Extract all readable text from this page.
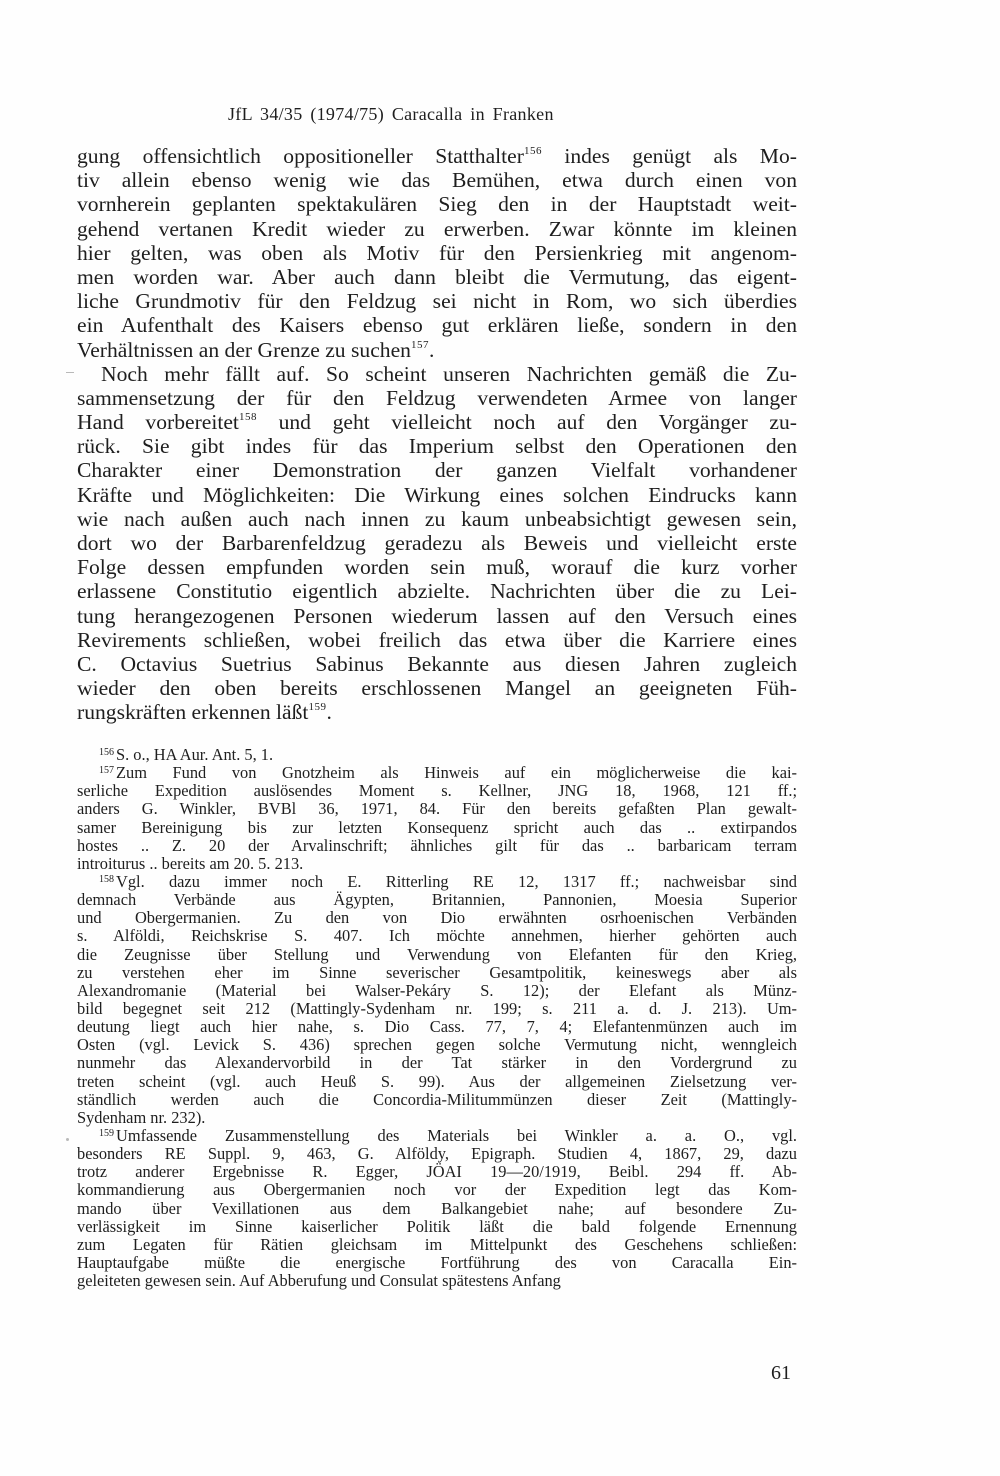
JfL 34/35 (1974/75) Caracalla in Franken
gung offensichtlich oppositioneller Statthalter$^{156}$ indes genügt als Mo-
tiv allein ebenso wenig wie das Bemühen, etwa durch einen von
vornherein geplanten spektakulären Sieg den in der Hauptstadt weit-
gehend vertanen Kredit wieder zu erwerben. Zwar könnte im kleinen
hier gelten, was oben als Motiv für den Persienkrieg mit angenom-
men worden war. Aber auch dann bleibt die Vermutung, das eigent-
liche Grundmotiv für den Feldzug sei nicht in Rom, wo sich überdies
ein Aufenthalt des Kaisers ebenso gut erklären ließe, sondern in den
Verhältnissen an der Grenze zu suchen$^{157}$.
Noch mehr fällt auf. So scheint unseren Nachrichten gemäß die Zu-
sammensetzung der für den Feldzug verwendeten Armee von langer
Hand vorbereitet$^{158}$ und geht vielleicht noch auf den Vorgänger zu-
rück. Sie gibt indes für das Imperium selbst den Operationen den
Charakter einer Demonstration der ganzen Vielfalt vorhandener
Kräfte und Möglichkeiten: Die Wirkung eines solchen Eindrucks kann
wie nach außen auch nach innen zu kaum unbeabsichtigt gewesen sein,
dort wo der Barbarenfeldzug geradezu als Beweis und vielleicht erste
Folge dessen empfunden worden sein muß, worauf die kurz vorher
erlassene Constitutio eigentlich abzielte. Nachrichten über die zu Lei-
tung herangezogenen Personen wiederum lassen auf den Versuch eines
Revirements schließen, wobei freilich das etwa über die Karriere eines
C. Octavius Suetrius Sabinus Bekannte aus diesen Jahren zugleich
wieder den oben bereits erschlossenen Mangel an geeigneten Füh-
rungskräften erkennen läßt$^{159}$.
$^{156}$ S. o., HA Aur. Ant. 5, 1.
$^{157}$ Zum Fund von Gnotzheim als Hinweis auf ein möglicherweise die kai-
serliche Expedition auslösendes Moment s. Kellner, JNG 18, 1968, 121 ff.;
anders G. Winkler, BVBl 36, 1971, 84. Für den bereits gefaßten Plan gewalt-
samer Bereinigung bis zur letzten Konsequenz spricht auch das .. extirpandos
hostes .. Z. 20 der Arvalinschrift; ähnliches gilt für das .. barbaricam terram
introiturus .. bereits am 20. 5. 213.
$^{158}$ Vgl. dazu immer noch E. Ritterling RE 12, 1317 ff.; nachweisbar sind
demnach Verbände aus Ägypten, Britannien, Pannonien, Moesia Superior
und Obergermanien. Zu den von Dio erwähnten osrhoenischen Verbänden
s. Alföldi, Reichskrise S. 407. Ich möchte annehmen, hierher gehörten auch
die Zeugnisse über Stellung und Verwendung von Elefanten für den Krieg,
zu verstehen eher im Sinne severischer Gesamtpolitik, keineswegs aber als
Alexandromanie (Material bei Walser-Pekáry S. 12); der Elefant als Münz-
bild begegnet seit 212 (Mattingly-Sydenham nr. 199; s. 211 a. d. J. 213). Um-
deutung liegt auch hier nahe, s. Dio Cass. 77, 7, 4; Elefantenmünzen auch im
Osten (vgl. Levick S. 436) sprechen gegen solche Vermutung nicht, wenngleich
nunmehr das Alexandervorbild in der Tat stärker in den Vordergrund zu
treten scheint (vgl. auch Heuß S. 99). Aus der allgemeinen Zielsetzung ver-
ständlich werden auch die Concordia-Militummünzen dieser Zeit (Mattingly-
Sydenham nr. 232).
$^{159}$ Umfassende Zusammenstellung des Materials bei Winkler a. a. O., vgl.
besonders RE Suppl. 9, 463, G. Alföldy, Epigraph. Studien 4, 1867, 29, dazu
trotz anderer Ergebnisse R. Egger, JÖAI 19—20/1919, Beibl. 294 ff. Ab-
kommandierung aus Obergermanien noch vor der Expedition legt das Kom-
mando über Vexillationen aus dem Balkangebiet nahe; auf besondere Zu-
verlässigkeit im Sinne kaiserlicher Politik läßt die bald folgende Ernennung
zum Legaten für Rätien gleichsam im Mittelpunkt des Geschehens schließen:
Hauptaufgabe müßte die energische Fortführung des von Caracalla Ein-
geleiteten gewesen sein. Auf Abberufung und Consulat spätestens Anfang
61
